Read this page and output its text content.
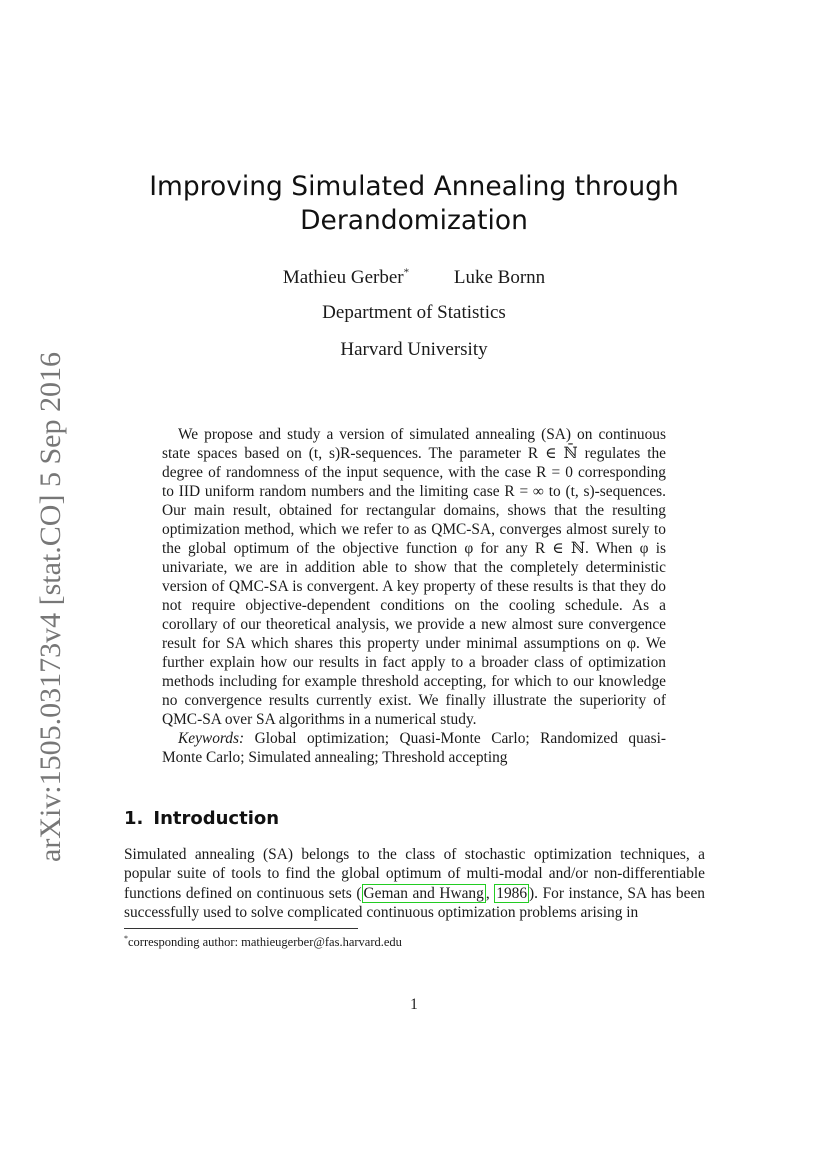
arXiv:1505.03173v4 [stat.CO] 5 Sep 2016
Improving Simulated Annealing through Derandomization
Mathieu Gerber* Luke Bornn
Department of Statistics
Harvard University

We propose and study a version of simulated annealing (SA) on continuous state spaces based on (t, s)R-sequences. The parameter R ∈ ℕ̄ regulates the degree of randomness of the input sequence, with the case R = 0 corresponding to IID uniform random numbers and the limiting case R = ∞ to (t, s)-sequences. Our main result, obtained for rectangular domains, shows that the resulting optimization method, which we refer to as QMC-SA, converges almost surely to the global optimum of the objective function φ for any R ∈ ℕ. When φ is univariate, we are in addition able to show that the completely deterministic version of QMC-SA is convergent. A key property of these results is that they do not require objective-dependent conditions on the cooling schedule. As a corollary of our theoretical analysis, we provide a new almost sure convergence result for SA which shares this property under minimal assumptions on φ. We further explain how our results in fact apply to a broader class of optimization methods including for example threshold accepting, for which to our knowledge no convergence results currently exist. We finally illustrate the superiority of QMC-SA over SA algorithms in a numerical study.

Keywords: Global optimization; Quasi-Monte Carlo; Randomized quasi-Monte Carlo; Simulated annealing; Threshold accepting

1. Introduction

Simulated annealing (SA) belongs to the class of stochastic optimization techniques, a popular suite of tools to find the global optimum of multi-modal and/or non-differentiable functions defined on continuous sets ( Geman and Hwang , 1986 ). For instance, SA has been successfully used to solve complicated continuous optimization problems arising in

*corresponding author: mathieugerber@fas.harvard.edu
1
